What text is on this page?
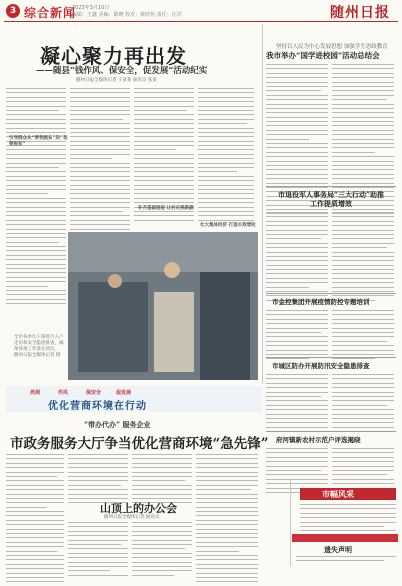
3 综合新闻
2023年3月10日
编辑：王鑫 美编：陈晓 校对：蔡欣怡 责任：汪洋	随州日报
凝心聚力再出发
——随县“钱作风、保安全，促发展”活动纪实
随州日报全媒体记者 王某某 通讯员 张某
引导群众从“要我脱贫”到“我要脱贫”
补齐基础短板 让村庄换新颜
壮大集体经济 打造长效增收
全市各单位干部进行入户走访和安全隐患排查，确保各项工作落实到位。 随州日报全媒体记者 摄
坚持以人民为中心发展思想 加强学生思政教育
我市举办“国学进校园”活动总结会
市退役军人事务局“三大行动”助推工作提质增效
市金控集团开展疫情防控专题培训
市城区防办开展防汛安全隐患排查
府河镇新农村示范户评选揭晓
市幅风采
遗失声明
亮剑	作风	保安全	促发展
优化营商环境在行动
“带办代办” 服务企业
市政务服务大厅争当优化营商环境“急先锋”
山顶上的办公会
随州日报全媒体记者 通讯员
